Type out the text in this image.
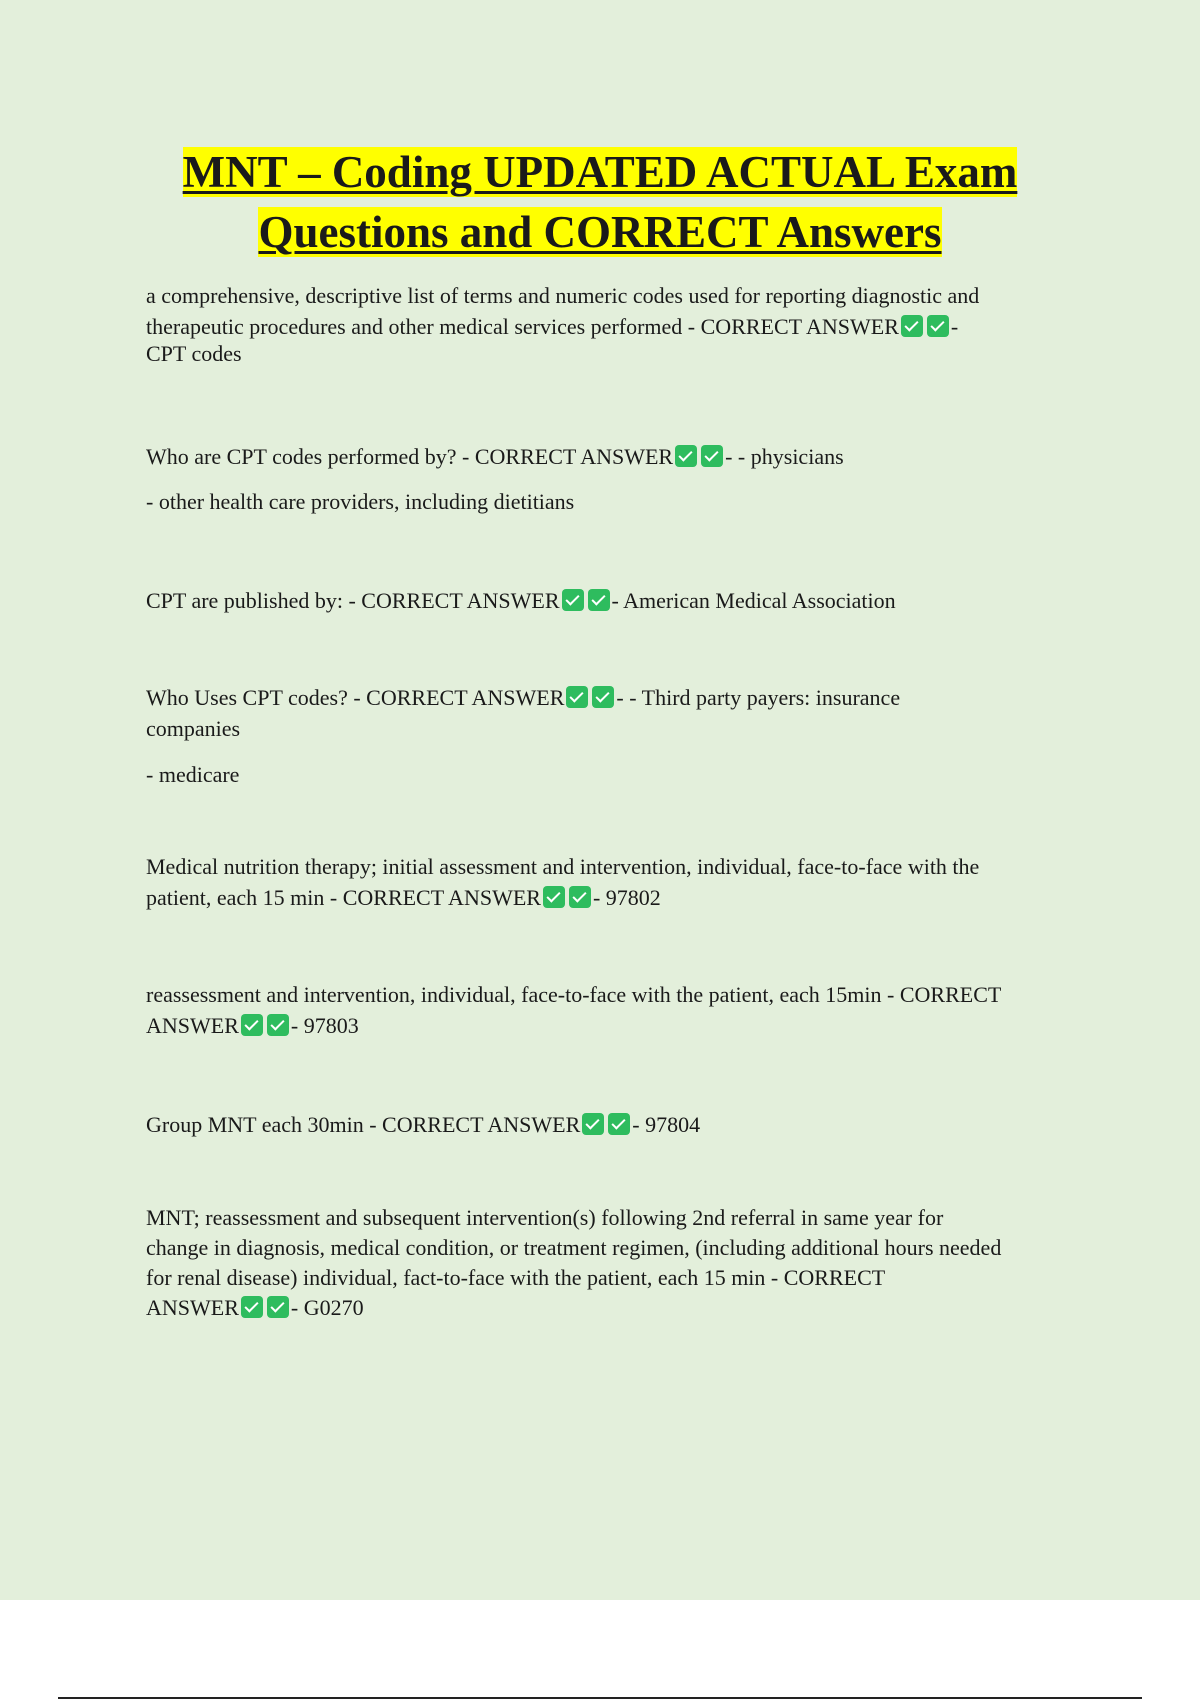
MNT – Coding UPDATED ACTUAL Exam
Questions and CORRECT Answers

a comprehensive, descriptive list of terms and numeric codes used for reporting diagnostic and
therapeutic procedures and other medical services performed - CORRECT ANSWER -
CPT codes

Who are CPT codes performed by? - CORRECT ANSWER - - physicians
- other health care providers, including dietitians

CPT are published by: - CORRECT ANSWER - American Medical Association

Who Uses CPT codes? - CORRECT ANSWER - - Third party payers: insurance
companies
- medicare

Medical nutrition therapy; initial assessment and intervention, individual, face-to-face with the
patient, each 15 min - CORRECT ANSWER - 97802

reassessment and intervention, individual, face-to-face with the patient, each 15min - CORRECT
ANSWER - 97803

Group MNT each 30min - CORRECT ANSWER - 97804

MNT; reassessment and subsequent intervention(s) following 2nd referral in same year for
change in diagnosis, medical condition, or treatment regimen, (including additional hours needed
for renal disease) individual, fact-to-face with the patient, each 15 min - CORRECT
ANSWER - G0270
